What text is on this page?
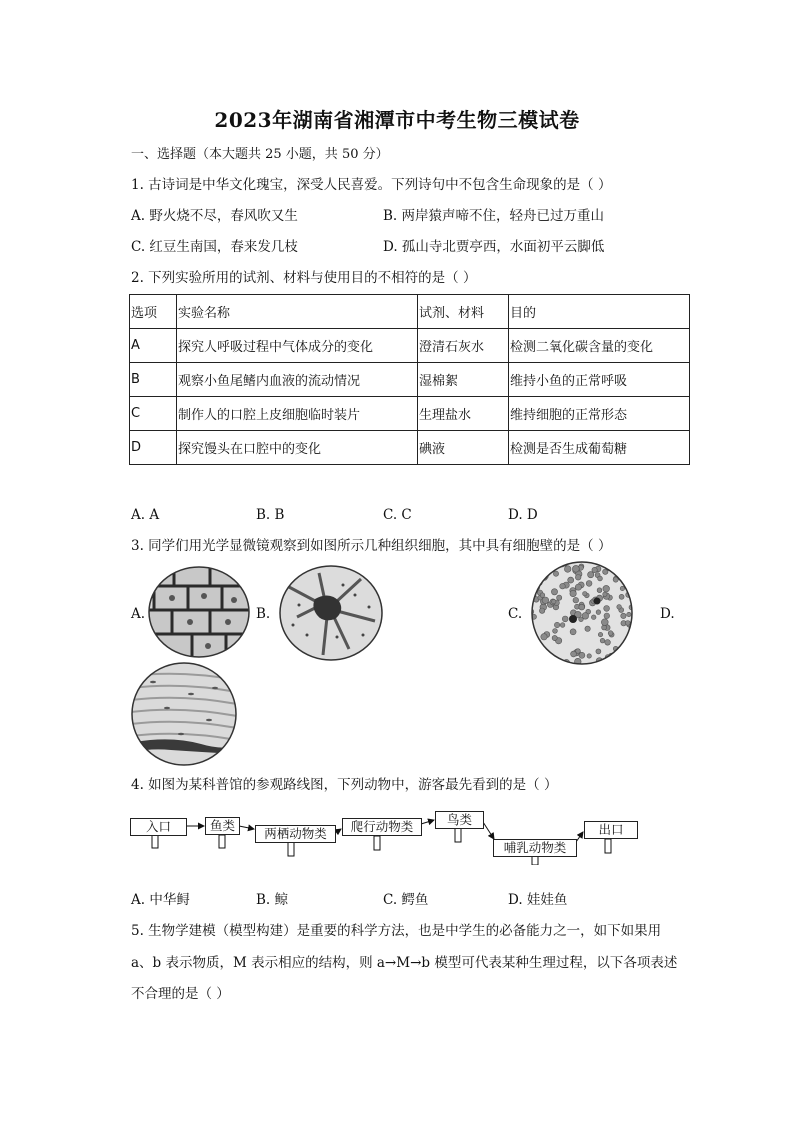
2023年湖南省湘潭市中考生物三模试卷
一、选择题（本大题共 25 小题，共 50 分）
1. 古诗词是中华文化瑰宝，深受人民喜爱。下列诗句中不包含生命现象的是（ ）
A. 野火烧不尽，春风吹又生	B. 两岸猿声啼不住，轻舟已过万重山
C. 红豆生南国，春来发几枝	D. 孤山寺北贾亭西，水面初平云脚低
2. 下列实验所用的试剂、材料与使用目的不相符的是（ ）
选项	实验名称	试剂、材料	目的
A	探究人呼吸过程中气体成分的变化	澄清石灰水	检测二氧化碳含量的变化
B	观察小鱼尾鳍内血液的流动情况	湿棉絮	维持小鱼的正常呼吸
C	制作人的口腔上皮细胞临时装片	生理盐水	维持细胞的正常形态
D	探究馒头在口腔中的变化	碘液	检测是否生成葡萄糖
A. A	B. B	C. C	D. D
3. 同学们用光学显微镜观察到如图所示几种组织细胞，其中具有细胞壁的是（ ）
A.	B.	C.	D.
4. 如图为某科普馆的参观路线图，下列动物中，游客最先看到的是（ ）
入口	鱼类
两栖动物类	爬行动物类	鸟类
哺乳动物类
出口
A. 中华鲟	B. 鲸	C. 鳄鱼	D. 娃娃鱼
5. 生物学建模（模型构建）是重要的科学方法，也是中学生的必备能力之一，如下如果用
a、b 表示物质，M 表示相应的结构，则 a→M→b 模型可代表某种生理过程，以下各项表述
不合理的是（ ）
